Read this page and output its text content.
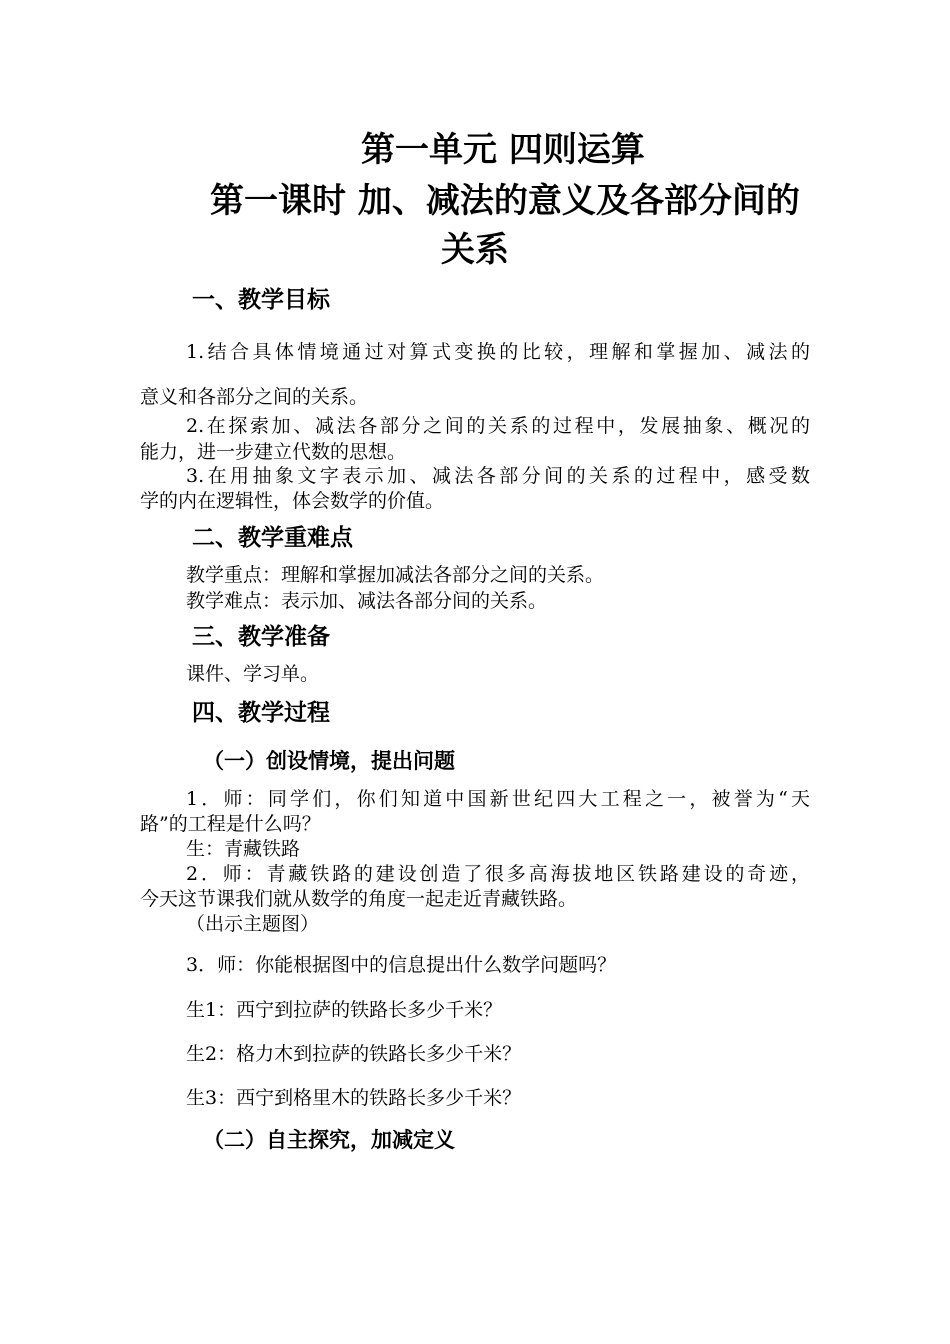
第一单元 四则运算
第一课时 加、减法的意义及各部分间的
关系
一、教学目标
1.结合具体情境通过对算式变换的比较，理解和掌握加、减法的
意义和各部分之间的关系。
2.在探索加、减法各部分之间的关系的过程中，发展抽象、概况的
能力，进一步建立代数的思想。
3.在用抽象文字表示加、减法各部分间的关系的过程中，感受数
学的内在逻辑性，体会数学的价值。
二、教学重难点
教学重点：理解和掌握加减法各部分之间的关系。
教学难点：表示加、减法各部分间的关系。
三、教学准备
课件、学习单。
四、教学过程
（一）创设情境，提出问题
1．师：同学们，你们知道中国新世纪四大工程之一，被誉为“天
路”的工程是什么吗？
生：青藏铁路
2．师：青藏铁路的建设创造了很多高海拔地区铁路建设的奇迹，
今天这节课我们就从数学的角度一起走近青藏铁路。
（出示主题图）
3．师：你能根据图中的信息提出什么数学问题吗？
生1：西宁到拉萨的铁路长多少千米？
生2：格力木到拉萨的铁路长多少千米？
生3：西宁到格里木的铁路长多少千米？
（二）自主探究，加减定义
